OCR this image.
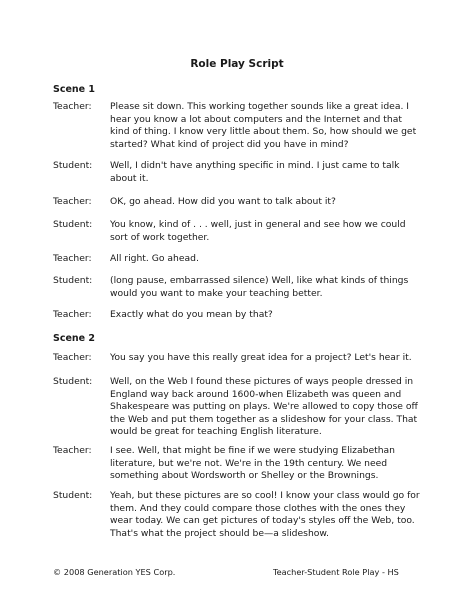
Role Play Script
Scene 1
Teacher:	Please sit down. This working together sounds like a great idea. I hear you know a lot about computers and the Internet and that kind of thing. I know very little about them. So, how should we get started? What kind of project did you have in mind?
Student:	Well, I didn't have anything specific in mind. I just came to talk about it.
Teacher:	OK, go ahead. How did you want to talk about it?
Student:	You know, kind of . . . well, just in general and see how we could sort of work together.
Teacher:	All right. Go ahead.
Student:	(long pause, embarrassed silence) Well, like what kinds of things would you want to make your teaching better.
Teacher:	Exactly what do you mean by that?
Scene 2
Teacher:	You say you have this really great idea for a project? Let's hear it.
Student:	Well, on the Web I found these pictures of ways people dressed in England way back around 1600-when Elizabeth was queen and Shakespeare was putting on plays. We're allowed to copy those off the Web and put them together as a slideshow for your class. That would be great for teaching English literature.
Teacher:	I see. Well, that might be fine if we were studying Elizabethan literature, but we're not. We're in the 19th century. We need something about Wordsworth or Shelley or the Brownings.
Student:	Yeah, but these pictures are so cool! I know your class would go for them. And they could compare those clothes with the ones they wear today. We can get pictures of today's styles off the Web, too. That's what the project should be—a slideshow.
© 2008 Generation YES Corp.	Teacher-Student Role Play - HS
